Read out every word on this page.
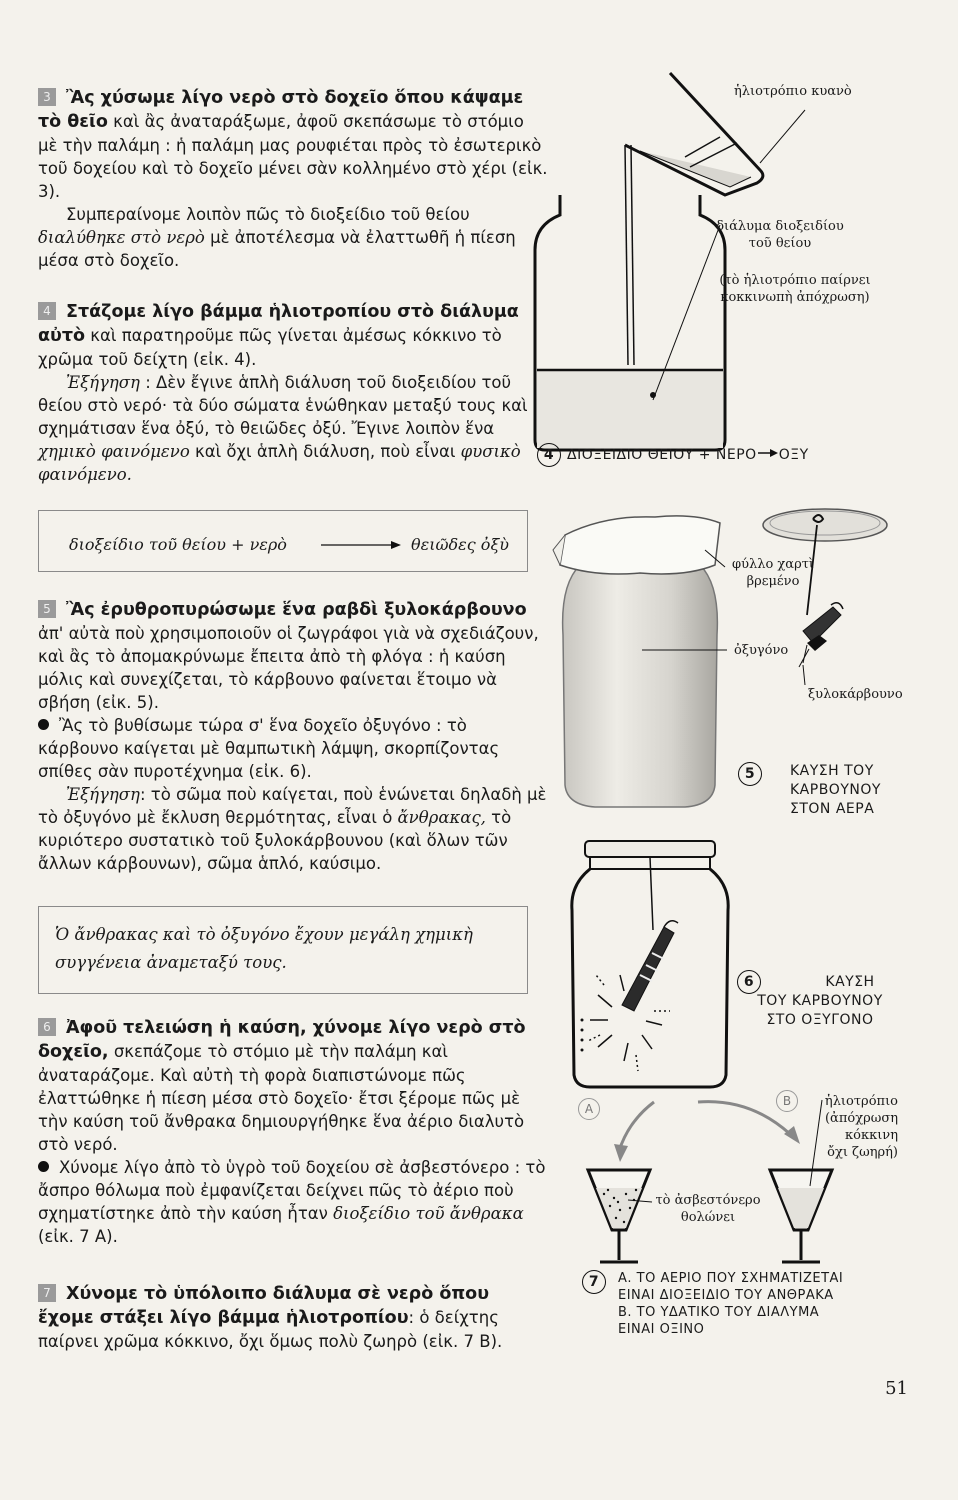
3 Ἂς χύσωμε λίγο νερὸ στὸ δοχεῖο ὅπου κάψαμε τὸ θεῖο καὶ ἂς ἀναταράξωμε, ἀφοῦ σκεπάσωμε τὸ στόμιο μὲ τὴν παλάμη : ἡ παλάμη μας ρουφιέται πρὸς τὸ ἐσωτερικὸ τοῦ δοχείου καὶ τὸ δοχεῖο μένει σὰν κολλημένο στὸ χέρι (εἰκ. 3).

Συμπεραίνομε λοιπὸν πῶς τὸ διοξείδιο τοῦ θείου διαλύθηκε στὸ νερὸ μὲ ἀποτέλεσμα νὰ ἐλαττωθῆ ἡ πίεση μέσα στὸ δοχεῖο.

4 Στάζομε λίγο βάμμα ἡλιοτροπίου στὸ διάλυμα αὐτὸ καὶ παρατηροῦμε πῶς γίνεται ἀμέσως κόκκινο τὸ χρῶμα τοῦ δείχτη (εἰκ. 4).

Ἐξήγηση : Δὲν ἔγινε ἁπλὴ διάλυση τοῦ διοξειδίου τοῦ θείου στὸ νερό· τὰ δύο σώματα ἑνώθηκαν μεταξύ τους καὶ σχημάτισαν ἕνα ὀξύ, τὸ θειῶδες ὀξύ. Ἔγινε λοιπὸν ἕνα χημικὸ φαινόμενο καὶ ὄχι ἁπλὴ διάλυση, ποὺ εἶναι φυσικὸ φαινόμενο.

διοξείδιο τοῦ θείου + νερὸ	θειῶδες ὀξὺ

5 Ἂς ἐρυθροπυρώσωμε ἕνα ραβδὶ ξυλοκάρβουνο ἀπ' αὐτὰ ποὺ χρησιμοποιοῦν οἱ ζωγράφοι γιὰ νὰ σχεδιάζουν, καὶ ἂς τὸ ἀπομακρύνωμε ἔπειτα ἀπὸ τὴ φλόγα : ἡ καύση μόλις καὶ συνεχίζεται, τὸ κάρβουνο φαίνεται ἕτοιμο νὰ σβήση (εἰκ. 5).

Ἂς τὸ βυθίσωμε τώρα σ' ἕνα δοχεῖο ὀξυγόνο : τὸ κάρβουνο καίγεται μὲ θαμπωτικὴ λάμψη, σκορπίζοντας σπίθες σὰν πυροτέχνημα (εἰκ. 6).

Ἐξήγηση: τὸ σῶμα ποὺ καίγεται, ποὺ ἑνώνεται δηλαδὴ μὲ τὸ ὀξυγόνο μὲ ἔκλυση θερμότητας, εἶναι ὁ ἄνθρακας, τὸ κυριότερο συστατικὸ τοῦ ξυλοκάρβουνου (καὶ ὅλων τῶν ἄλλων κάρβουνων), σῶμα ἁπλό, καύσιμο.

Ὁ ἄνθρακας καὶ τὸ ὀξυγόνο ἔχουν μεγάλη χημικὴ συγγένεια ἀναμεταξύ τους.

6 Ἀφοῦ τελειώση ἡ καύση, χύνομε λίγο νερὸ στὸ δοχεῖο, σκεπάζομε τὸ στόμιο μὲ τὴν παλάμη καὶ ἀναταράζομε. Καὶ αὐτὴ τὴ φορὰ διαπιστώνομε πῶς ἐλαττώθηκε ἡ πίεση μέσα στὸ δοχεῖο· ἔτσι ξέρομε πῶς μὲ τὴν καύση τοῦ ἄνθρακα δημιουργήθηκε ἕνα ἀέριο διαλυτὸ στὸ νερό.

Χύνομε λίγο ἀπὸ τὸ ὑγρὸ τοῦ δοχείου σὲ ἀσβεστόνερο : τὸ ἄσπρο θόλωμα ποὺ ἐμφανίζεται δείχνει πῶς τὸ ἀέριο ποὺ σχηματίστηκε ἀπὸ τὴν καύση ἦταν διοξείδιο τοῦ ἄνθρακα (εἰκ. 7 Α).

7 Χύνομε τὸ ὑπόλοιπο διάλυμα σὲ νερὸ ὅπου ἔχομε στάξει λίγο βάμμα ἡλιοτροπίου: ὁ δείχτης παίρνει χρῶμα κόκκινο, ὄχι ὅμως πολὺ ζωηρὸ (εἰκ. 7 Β).

ἡλιοτρόπιο κυανὸ
διάλυμα διοξειδίου
τοῦ θείου
(τὸ ἡλιοτρόπιο παίρνει
κοκκινωπὴ ἀπόχρωση)
4 ΔΙΟΞΕΙΔΙΟ ΘΕΙΟΥ + ΝΕΡΟ ΟΞΥ
φύλλο χαρτὶ
βρεμένο
ὀξυγόνο
ξυλοκάρβουνο
5	ΚΑΥΣΗ ΤΟΥ
ΚΑΡΒΟΥΝΟΥ
ΣΤΟΝ ΑΕΡΑ
6	ΚΑΥΣΗ
ΤΟΥ ΚΑΡΒΟΥΝΟΥ
ΣΤΟ ΟΞΥΓΟΝΟ
A
B	ἡλιοτρόπιο
(ἀπόχρωση
κόκκινη
ὄχι ζωηρή)
τὸ ἀσβεστόνερο
θολώνει
7	Α. ΤΟ ΑΕΡΙΟ ΠΟΥ ΣΧΗΜΑΤΙΖΕΤΑΙ
ΕΙΝΑΙ ΔΙΟΞΕΙΔΙΟ ΤΟΥ ΑΝΘΡΑΚΑ
Β. ΤΟ ΥΔΑΤΙΚΟ ΤΟΥ ΔΙΑΛΥΜΑ
ΕΙΝΑΙ ΟΞΙΝΟ
51
